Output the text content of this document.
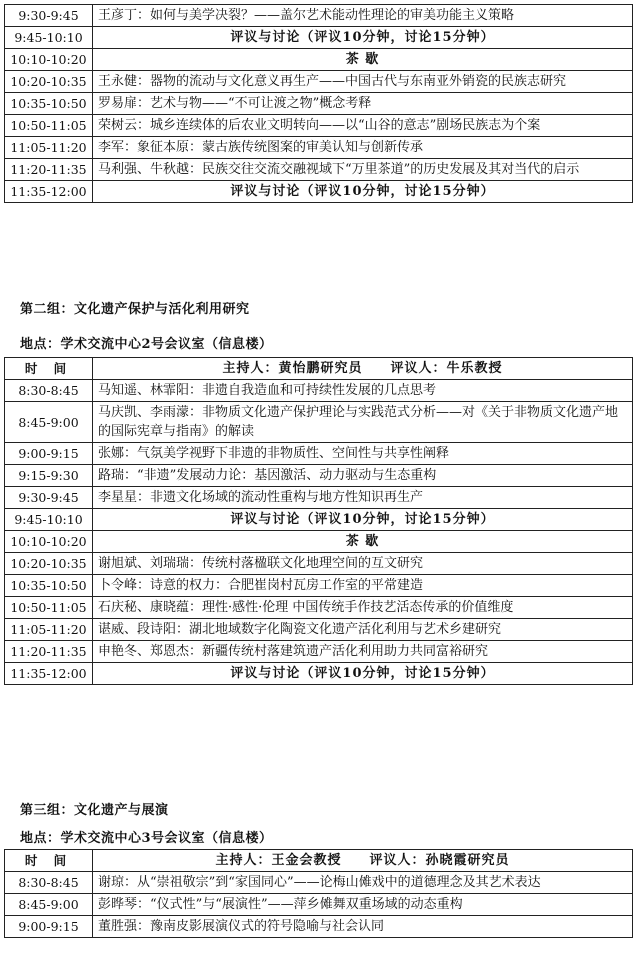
9:30-9:45	王彦丁：如何与美学决裂？——盖尔艺术能动性理论的审美功能主义策略
9:45-10:10	评议与讨论（评议10分钟，讨论15分钟）
10:10-10:20	茶 歇
10:20-10:35	王永健：器物的流动与文化意义再生产——中国古代与东南亚外销瓷的民族志研究
10:35-10:50	罗易扉：艺术与物——“不可让渡之物”概念考释
10:50-11:05	荣树云：城乡连续体的后农业文明转向——以“山谷的意志”剧场民族志为个案
11:05-11:20	李军：象征本原：蒙古族传统图案的审美认知与创新传承
11:20-11:35	马利强、牛秋越：民族交往交流交融视域下“万里茶道”的历史发展及其对当代的启示
11:35-12:00	评议与讨论（评议10分钟，讨论15分钟）
第二组：文化遗产保护与活化利用研究
地点：学术交流中心2号会议室（信息楼）
时 间	主持人：黄怡鹏研究员 评议人：牛乐教授
8:30-8:45	马知遥、林霏阳：非遗自我造血和可持续性发展的几点思考
8:45-9:00	马庆凯、李雨濛：非物质文化遗产保护理论与实践范式分析——对《关于非物质文化遗产地的国际宪章与指南》的解读
9:00-9:15	张娜：气氛美学视野下非遗的非物质性、空间性与共享性阐释
9:15-9:30	路瑞：“非遗”发展动力论：基因激活、动力驱动与生态重构
9:30-9:45	李星星：非遗文化场域的流动性重构与地方性知识再生产
9:45-10:10	评议与讨论（评议10分钟，讨论15分钟）
10:10-10:20	茶 歇
10:20-10:35	谢旭斌、刘瑞瑞：传统村落楹联文化地理空间的互文研究
10:35-10:50	卜令峰：诗意的权力：合肥崔岗村瓦房工作室的平常建造
10:50-11:05	石庆秘、康晓蕴：理性·感性·伦理 中国传统手作技艺活态传承的价值维度
11:05-11:20	谌威、段诗阳：湖北地域数字化陶瓷文化遗产活化利用与艺术乡建研究
11:20-11:35	申艳冬、郑恩杰：新疆传统村落建筑遗产活化利用助力共同富裕研究
11:35-12:00	评议与讨论（评议10分钟，讨论15分钟）
第三组：文化遗产与展演
地点：学术交流中心3号会议室（信息楼）
时 间	主持人：王金会教授 评议人：孙晓霞研究员
8:30-8:45	谢琼：从“崇祖敬宗”到“家国同心”——论梅山傩戏中的道德理念及其艺术表达
8:45-9:00	彭晔琴：“仪式性”与“展演性”——萍乡傩舞双重场域的动态重构
9:00-9:15	董胜强：豫南皮影展演仪式的符号隐喻与社会认同
